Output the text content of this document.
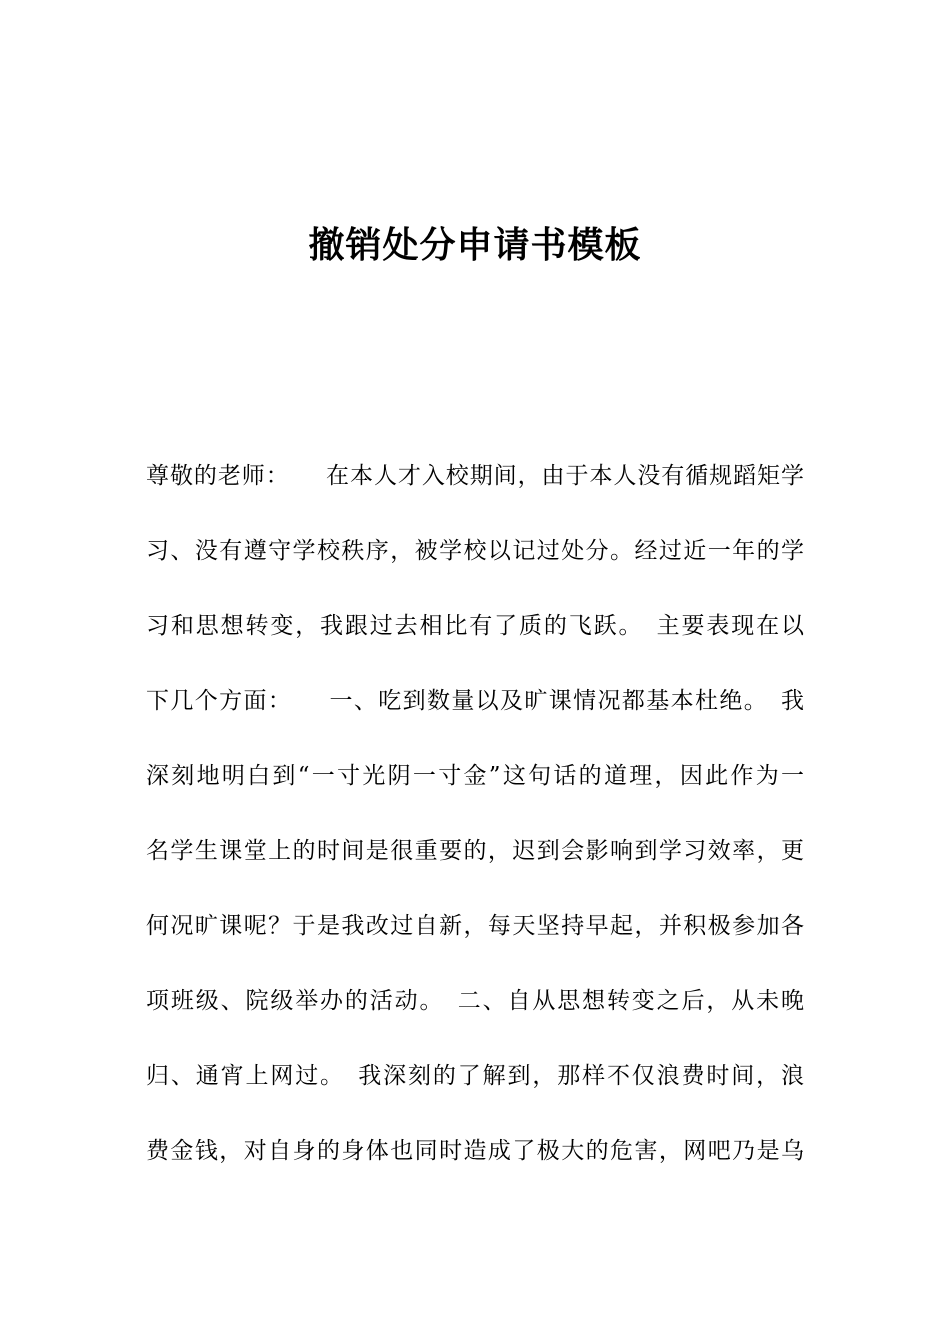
撤销处分申请书模板
尊敬的老师：　　在本人才入校期间，由于本人没有循规蹈矩学
习、没有遵守学校秩序，被学校以记过处分。经过近一年的学
习和思想转变，我跟过去相比有了质的飞跃。　主要表现在以
下几个方面：　　一、吃到数量以及旷课情况都基本杜绝。　我
深刻地明白到“一寸光阴一寸金”这句话的道理，因此作为一
名学生课堂上的时间是很重要的，迟到会影响到学习效率，更
何况旷课呢？于是我改过自新，每天坚持早起，并积极参加各
项班级、院级举办的活动。　二、自从思想转变之后，从未晚
归、通宵上网过。　我深刻的了解到，那样不仅浪费时间，浪
费金钱，对自身的身体也同时造成了极大的危害，网吧乃是乌
